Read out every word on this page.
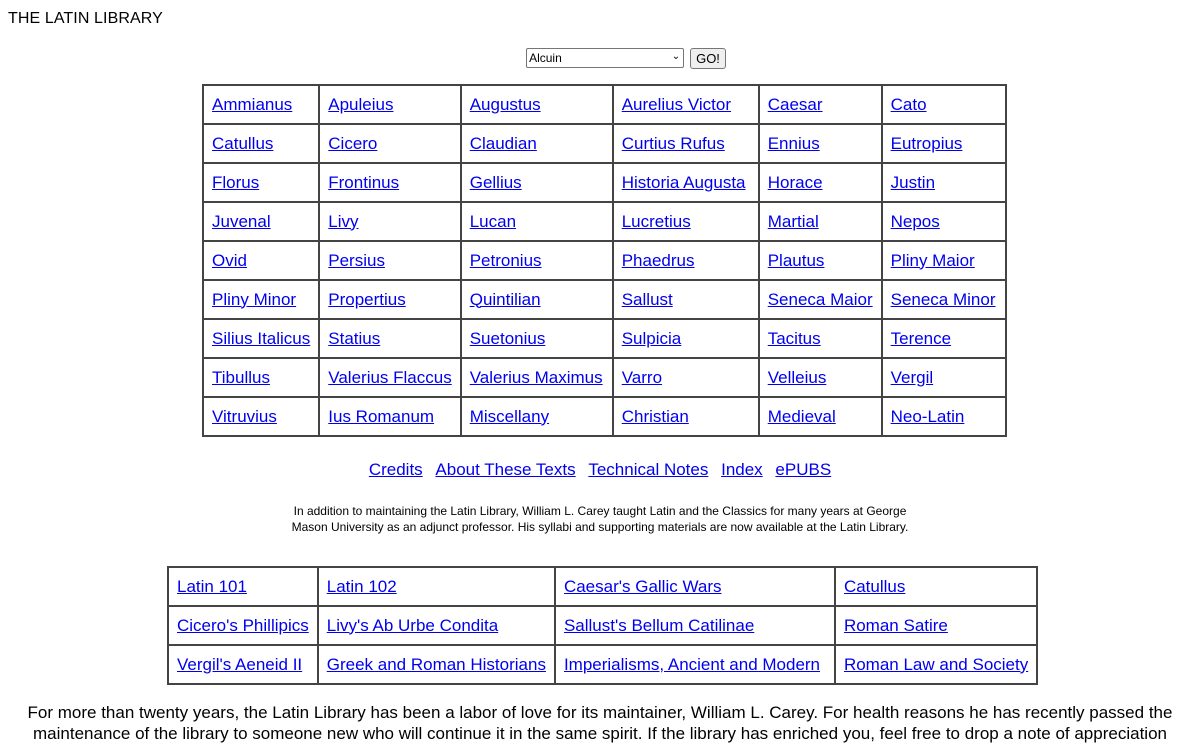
THE LATIN LIBRARY
Alcuin
⌄	GO!
Ammianus	Apuleius	Augustus	Aurelius Victor	Caesar	Cato
Catullus	Cicero	Claudian	Curtius Rufus	Ennius	Eutropius
Florus	Frontinus	Gellius	Historia Augusta	Horace	Justin
Juvenal	Livy	Lucan	Lucretius	Martial	Nepos
Ovid	Persius	Petronius	Phaedrus	Plautus	Pliny Maior
Pliny Minor	Propertius	Quintilian	Sallust	Seneca Maior	Seneca Minor
Silius Italicus	Statius	Suetonius	Sulpicia	Tacitus	Terence
Tibullus	Valerius Flaccus	Valerius Maximus	Varro	Velleius	Vergil
Vitruvius	Ius Romanum	Miscellany	Christian	Medieval	Neo-Latin
Credits About These Texts Technical Notes Index ePUBS
In addition to maintaining the Latin Library, William L. Carey taught Latin and the Classics for many years at George Mason University as an adjunct professor. His syllabi and supporting materials are now available at the Latin Library.
Latin 101	Latin 102	Caesar's Gallic Wars	Catullus
Cicero's Phillipics	Livy's Ab Urbe Condita	Sallust's Bellum Catilinae	Roman Satire
Vergil's Aeneid II	Greek and Roman Historians	Imperialisms, Ancient and Modern	Roman Law and Society
For more than twenty years, the Latin Library has been a labor of love for its maintainer, William L. Carey. For health reasons he has recently passed the maintenance of the library to someone new who will continue it in the same spirit. If the library has enriched you, feel free to drop a note of appreciation
